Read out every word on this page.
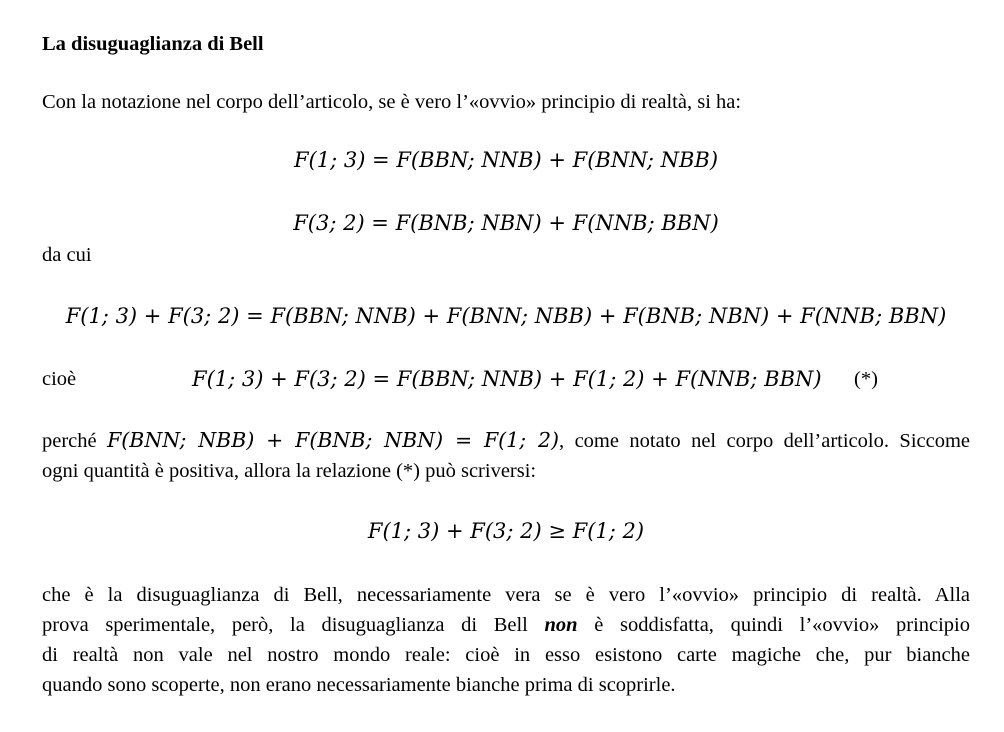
La disuguaglianza di Bell
Con la notazione nel corpo dell’articolo, se è vero l’«ovvio» principio di realtà, si ha:
F(1; 3) = F(BBN; NNB) + F(BNN; NBB)
F(3; 2) = F(BNB; NBN) + F(NNB; BBN)
da cui
F(1; 3) + F(3; 2) = F(BBN; NNB) + F(BNN; NBB) + F(BNB; NBN) + F(NNB; BBN)
cioè	F(1; 3) + F(3; 2) = F(BBN; NNB) + F(1; 2) + F(NNB; BBN) (*)
perché F(BNN; NBB) + F(BNB; NBN) = F(1; 2), come notato nel corpo dell’articolo. Siccome
ogni quantità è positiva, allora la relazione (*) può scriversi:
F(1; 3) + F(3; 2) ≥ F(1; 2)
che è la disuguaglianza di Bell, necessariamente vera se è vero l’«ovvio» principio di realtà. Alla
prova sperimentale, però, la disuguaglianza di Bell non è soddisfatta, quindi l’«ovvio» principio
di realtà non vale nel nostro mondo reale: cioè in esso esistono carte magiche che, pur bianche
quando sono scoperte, non erano necessariamente bianche prima di scoprirle.
